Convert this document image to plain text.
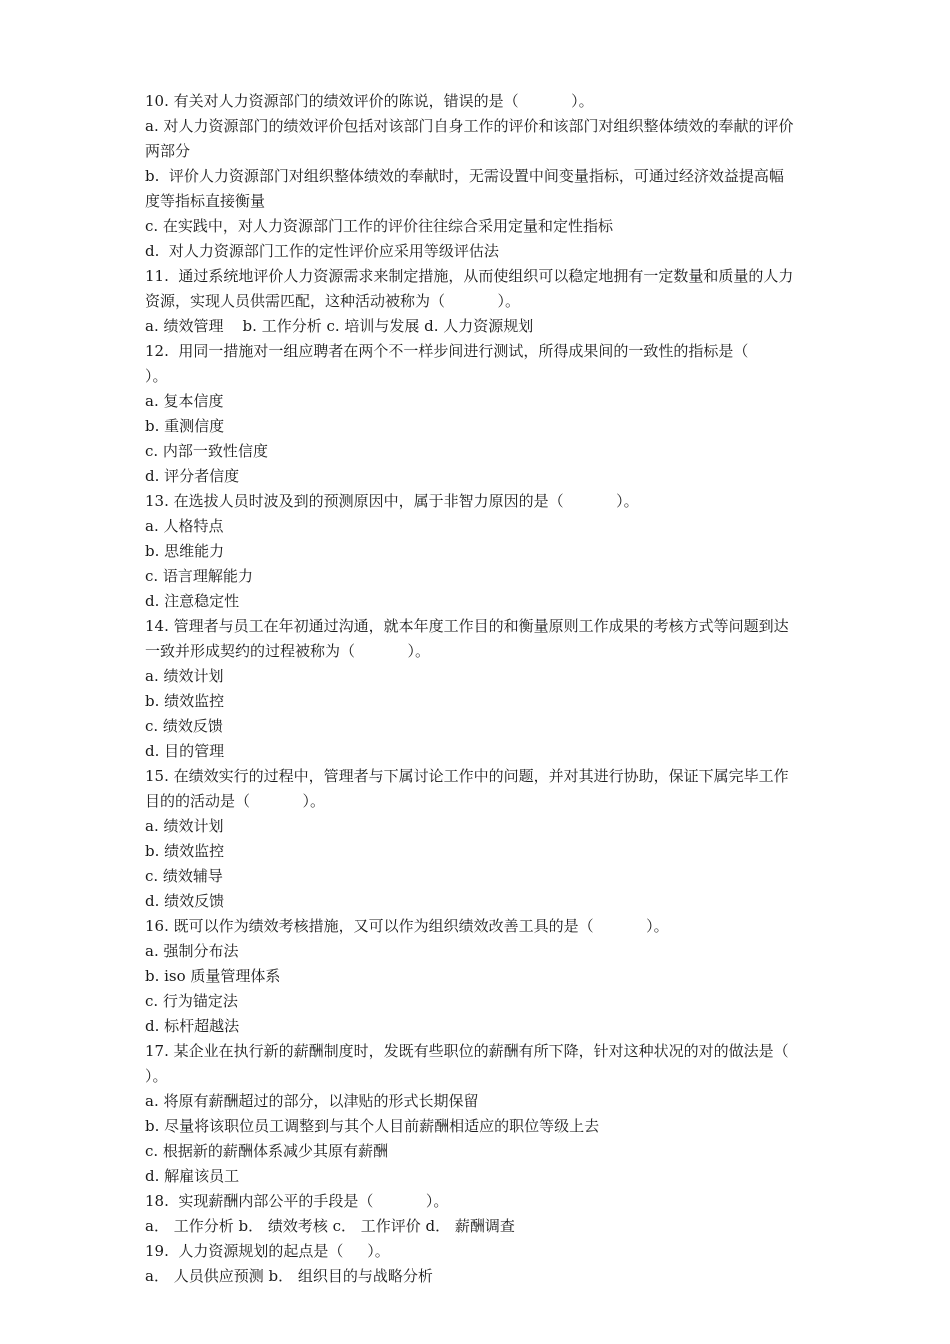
10. 有关对人力资源部门的绩效评价的陈说，错误的是（           ）。
a. 对人力资源部门的绩效评价包括对该部门自身工作的评价和该部门对组织整体绩效的奉献的评价
两部分
b.  评价人力资源部门对组织整体绩效的奉献时，无需设置中间变量指标，可通过经济效益提高幅
度等指标直接衡量
c. 在实践中，对人力资源部门工作的评价往往综合采用定量和定性指标
d.  对人力资源部门工作的定性评价应采用等级评估法
11.  通过系统地评价人力资源需求来制定措施，从而使组织可以稳定地拥有一定数量和质量的人力
资源，实现人员供需匹配，这种活动被称为（           ）。
a. 绩效管理    b. 工作分析 c. 培训与发展 d. 人力资源规划
12.  用同一措施对一组应聘者在两个不一样步间进行测试，所得成果间的一致性的指标是（
）。
a. 复本信度
b. 重测信度
c. 内部一致性信度
d. 评分者信度
13. 在选拔人员时波及到的预测原因中，属于非智力原因的是（           ）。
a. 人格特点
b. 思维能力
c. 语言理解能力
d. 注意稳定性
14. 管理者与员工在年初通过沟通，就本年度工作目的和衡量原则工作成果的考核方式等问题到达
一致并形成契约的过程被称为（           ）。
a. 绩效计划
b. 绩效监控
c. 绩效反馈
d. 目的管理
15. 在绩效实行的过程中，管理者与下属讨论工作中的问题，并对其进行协助，保证下属完毕工作
目的的活动是（           ）。
a. 绩效计划
b. 绩效监控
c. 绩效辅导
d. 绩效反馈
16. 既可以作为绩效考核措施，又可以作为组织绩效改善工具的是（           ）。
a. 强制分布法
b. iso 质量管理体系
c. 行为锚定法
d. 标杆超越法
17. 某企业在执行新的薪酬制度时，发既有些职位的薪酬有所下降，针对这种状况的对的做法是（
）。
a. 将原有薪酬超过的部分，以津贴的形式长期保留
b. 尽量将该职位员工调整到与其个人目前薪酬相适应的职位等级上去
c. 根据新的薪酬体系减少其原有薪酬
d. 解雇该员工
18.  实现薪酬内部公平的手段是（           ）。
a． 工作分析 b． 绩效考核 c． 工作评价 d． 薪酬调查
19.  人力资源规划的起点是（     ）。
a． 人员供应预测 b． 组织目的与战略分析
